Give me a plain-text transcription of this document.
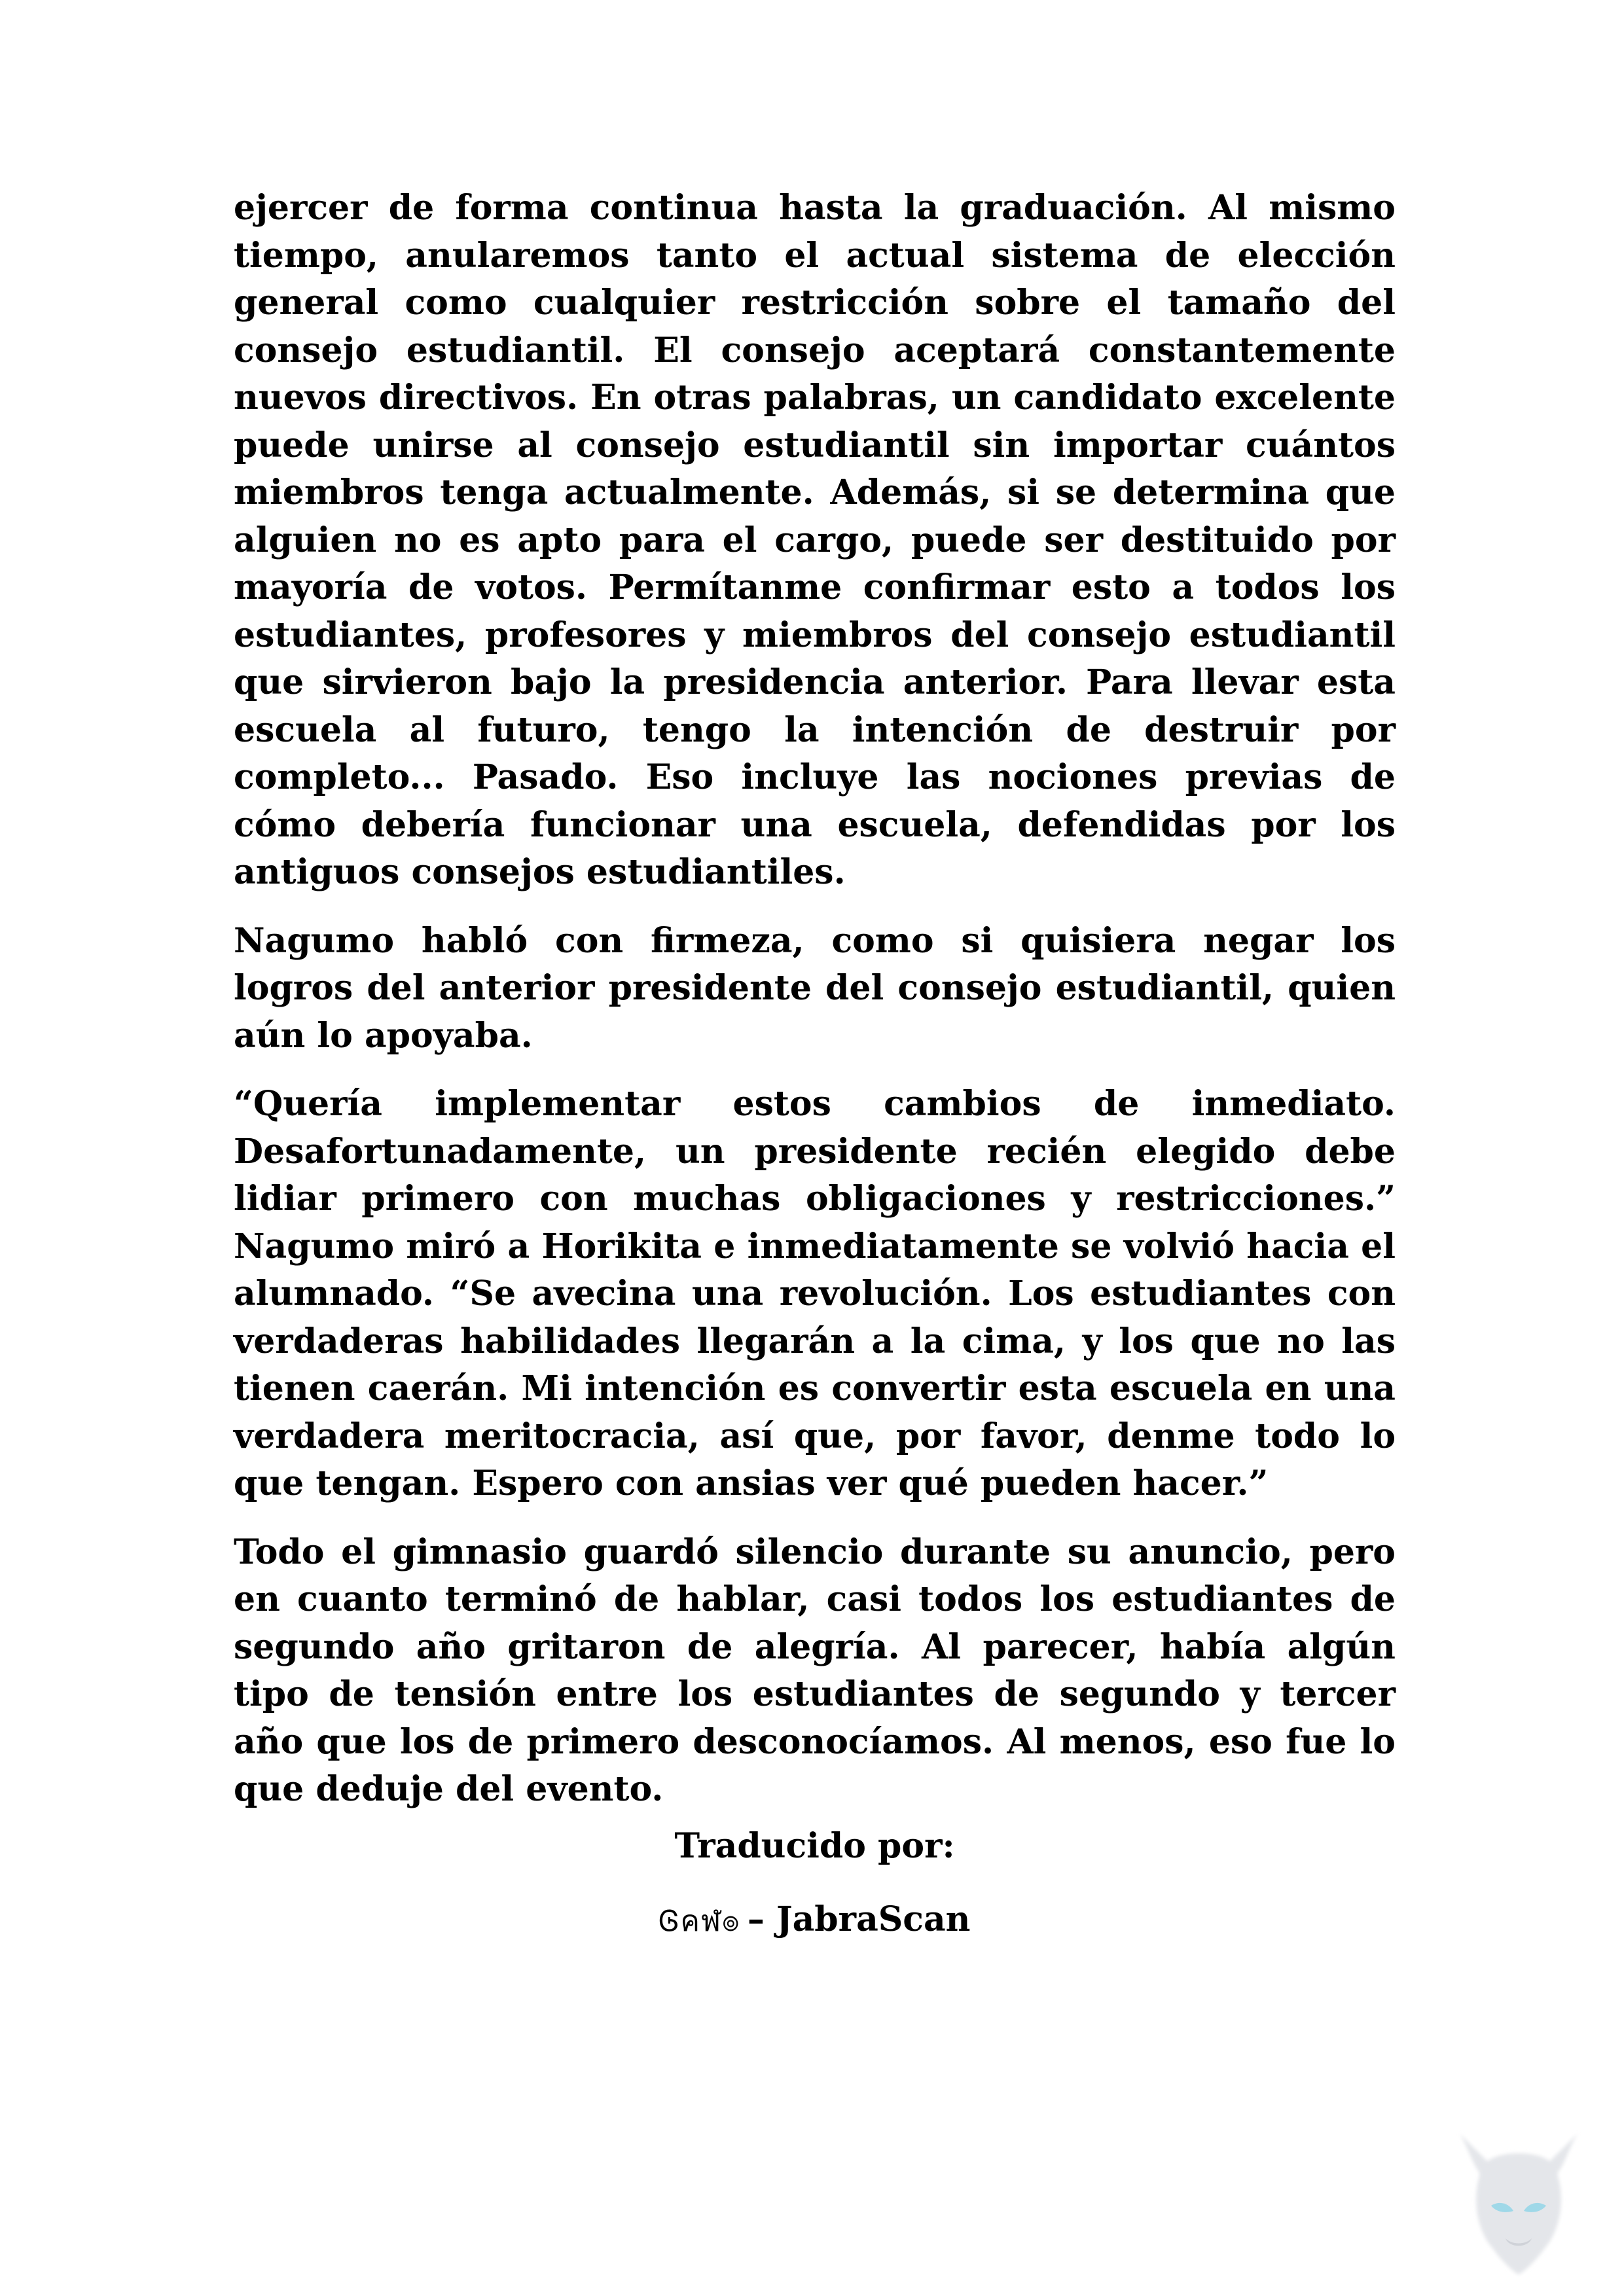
ejercer de forma continua hasta la graduación. Al mismo tiempo, anularemos tanto el actual sistema de elección general como cualquier restricción sobre el tamaño del consejo estudiantil. El consejo aceptará constantemente nuevos directivos. En otras palabras, un candidato excelente puede unirse al consejo estudiantil sin importar cuántos miembros tenga actualmente. Además, si se determina que alguien no es apto para el cargo, puede ser destituido por mayoría de votos. Permítanme confirmar esto a todos los estudiantes, profesores y miembros del consejo estudiantil que sirvieron bajo la presidencia anterior. Para llevar esta escuela al futuro, tengo la intención de destruir por completo... Pasado. Eso incluye las nociones previas de cómo debería funcionar una escuela, defendidas por los antiguos consejos estudiantiles.

Nagumo habló con firmeza, como si quisiera negar los logros del anterior presidente del consejo estudiantil, quien aún lo apoyaba.

“Quería implementar estos cambios de inmediato. Desafortunadamente, un presidente recién elegido debe lidiar primero con muchas obligaciones y restricciones.” Nagumo miró a Horikita e inmediatamente se volvió hacia el alumnado. “Se avecina una revolución. Los estudiantes con verdaderas habilidades llegarán a la cima, y los que no las tienen caerán. Mi intención es convertir esta escuela en una verdadera meritocracia, así que, por favor, denme todo lo que tengan. Espero con ansias ver qué pueden hacer.”

Todo el gimnasio guardó silencio durante su anuncio, pero en cuanto terminó de hablar, casi todos los estudiantes de segundo año gritaron de alegría. Al parecer, había algún tipo de tensión entre los estudiantes de segundo y tercer año que los de primero desconocíamos. Al menos, eso fue lo que deduje del evento.

Traducido por:
Ꮆคฬ๏ – JabraScan
